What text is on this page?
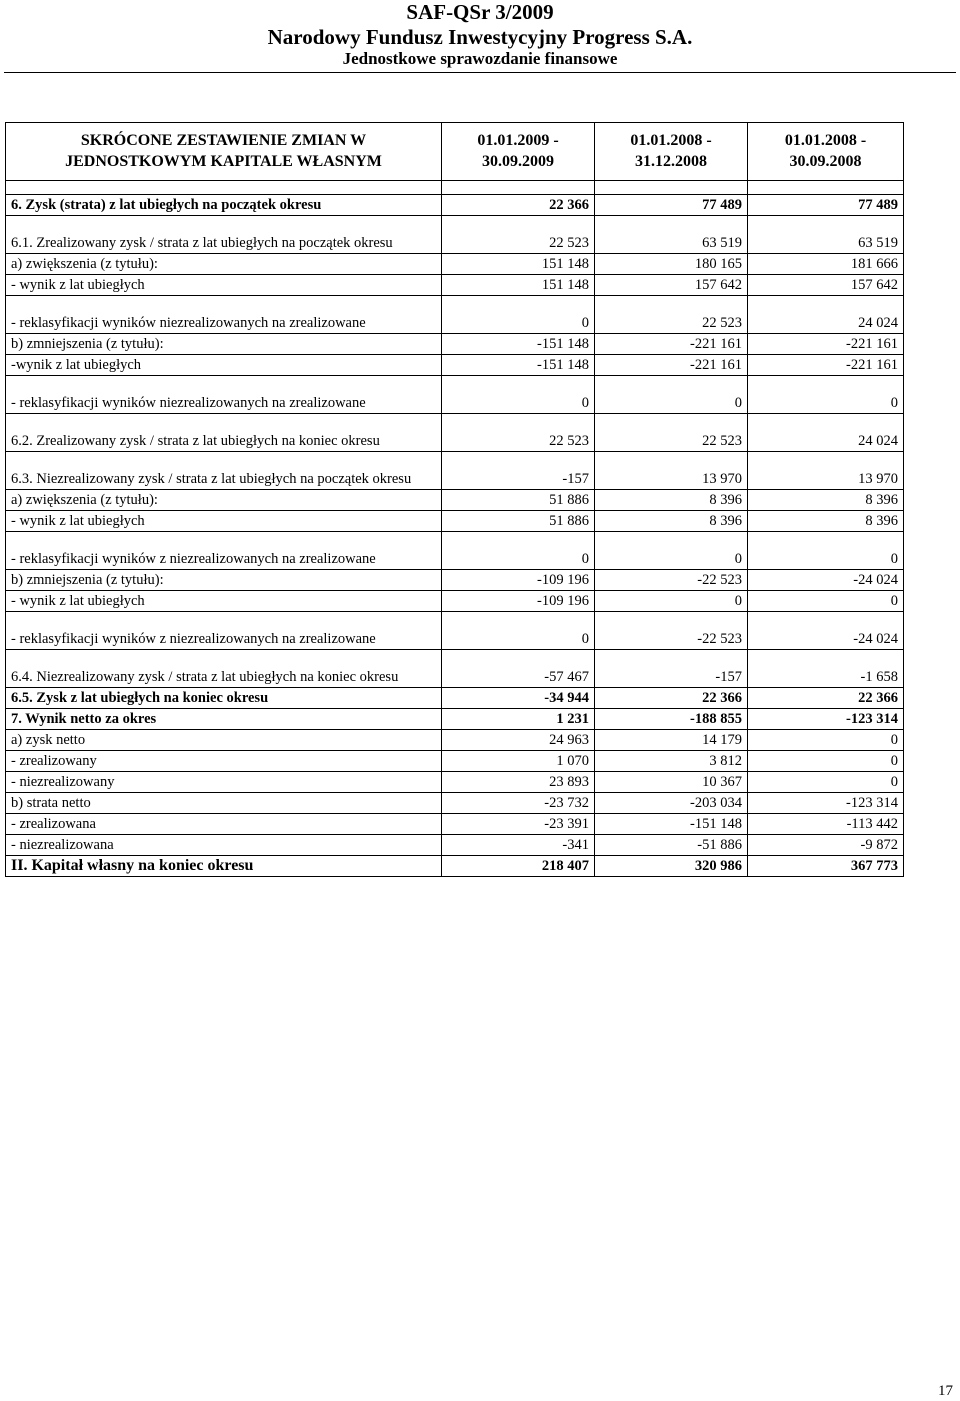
SAF-QSr 3/2009
Narodowy Fundusz Inwestycyjny Progress S.A.
Jednostkowe sprawozdanie finansowe
SKRÓCONE ZESTAWIENIE ZMIAN W JEDNOSTKOWYM KAPITALE WŁASNYM	01.01.2009 - 30.09.2009	01.01.2008 - 31.12.2008	01.01.2008 - 30.09.2008

6. Zysk (strata) z lat ubiegłych na początek okresu	22 366	77 489	77 489
6.1. Zrealizowany zysk / strata z lat ubiegłych na początek okresu	22 523	63 519	63 519
a) zwiększenia (z tytułu):	151 148	180 165	181 666
- wynik z lat ubiegłych	151 148	157 642	157 642
- reklasyfikacji wyników niezrealizowanych na zrealizowane	0	22 523	24 024
b) zmniejszenia (z tytułu):	-151 148	-221 161	-221 161
-wynik z lat ubiegłych	-151 148	-221 161	-221 161
- reklasyfikacji wyników niezrealizowanych na zrealizowane	0	0	0
6.2. Zrealizowany zysk / strata z lat ubiegłych na koniec okresu	22 523	22 523	24 024
6.3. Niezrealizowany zysk / strata z lat ubiegłych na początek okresu	-157	13 970	13 970
a) zwiększenia (z tytułu):	51 886	8 396	8 396
- wynik z lat ubiegłych	51 886	8 396	8 396
- reklasyfikacji wyników z niezrealizowanych na zrealizowane	0	0	0
b) zmniejszenia (z tytułu):	-109 196	-22 523	-24 024
- wynik z lat ubiegłych	-109 196	0	0
- reklasyfikacji wyników z niezrealizowanych na zrealizowane	0	-22 523	-24 024
6.4. Niezrealizowany zysk / strata z lat ubiegłych na koniec okresu	-57 467	-157	-1 658
6.5. Zysk z lat ubiegłych na koniec okresu	-34 944	22 366	22 366
7. Wynik netto za okres	1 231	-188 855	-123 314
a) zysk netto	24 963	14 179	0
- zrealizowany	1 070	3 812	0
- niezrealizowany	23 893	10 367	0
b) strata netto	-23 732	-203 034	-123 314
- zrealizowana	-23 391	-151 148	-113 442
- niezrealizowana	-341	-51 886	-9 872
II. Kapitał własny na koniec okresu	218 407	320 986	367 773
17
